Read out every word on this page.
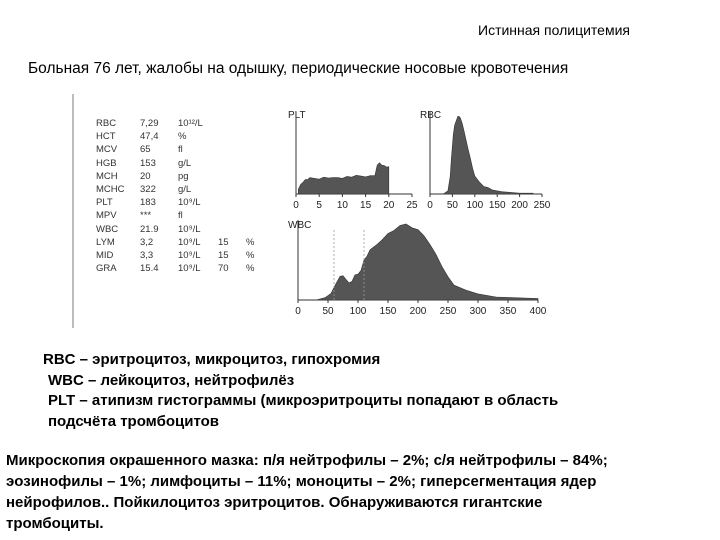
Истинная полицитемия
Больная 76 лет, жалобы на одышку, периодические носовые кровотечения
RBC	7,29 10¹²/L
HCT	47,4 %
MCV 65	fl
HGB 153 g/L
MCH 20	pg
MCHC 322 g/L
PLT	183 10⁹/L
MPV ***	fl
WBC 21.9 10⁹/L
LYM	3,2	10⁹/L 15 %
MID	3,3	10⁹/L 15 %
GRA 15.4 10⁹/L 70 %
PLT
0 5 10 15 20 25
RBC
0 50 100 150 200 250
WBC
0 50 100 150 200 250 300 350 400
RBC – эритроцитоз, микроцитоз, гипохромия
WBC – лейкоцитоз, нейтрофилёз
PLT – атипизм гистограммы (микроэритроциты попадают в область
подсчёта тромбоцитов
Микроскопия окрашенного мазка: п/я нейтрофилы – 2%; с/я нейтрофилы – 84%;
эозинофилы – 1%; лимфоциты – 11%; моноциты – 2%; гиперсегментация ядер
нейрофилов.. Пойкилоцитоз эритроцитов. Обнаруживаются гигантские
тромбоциты.
